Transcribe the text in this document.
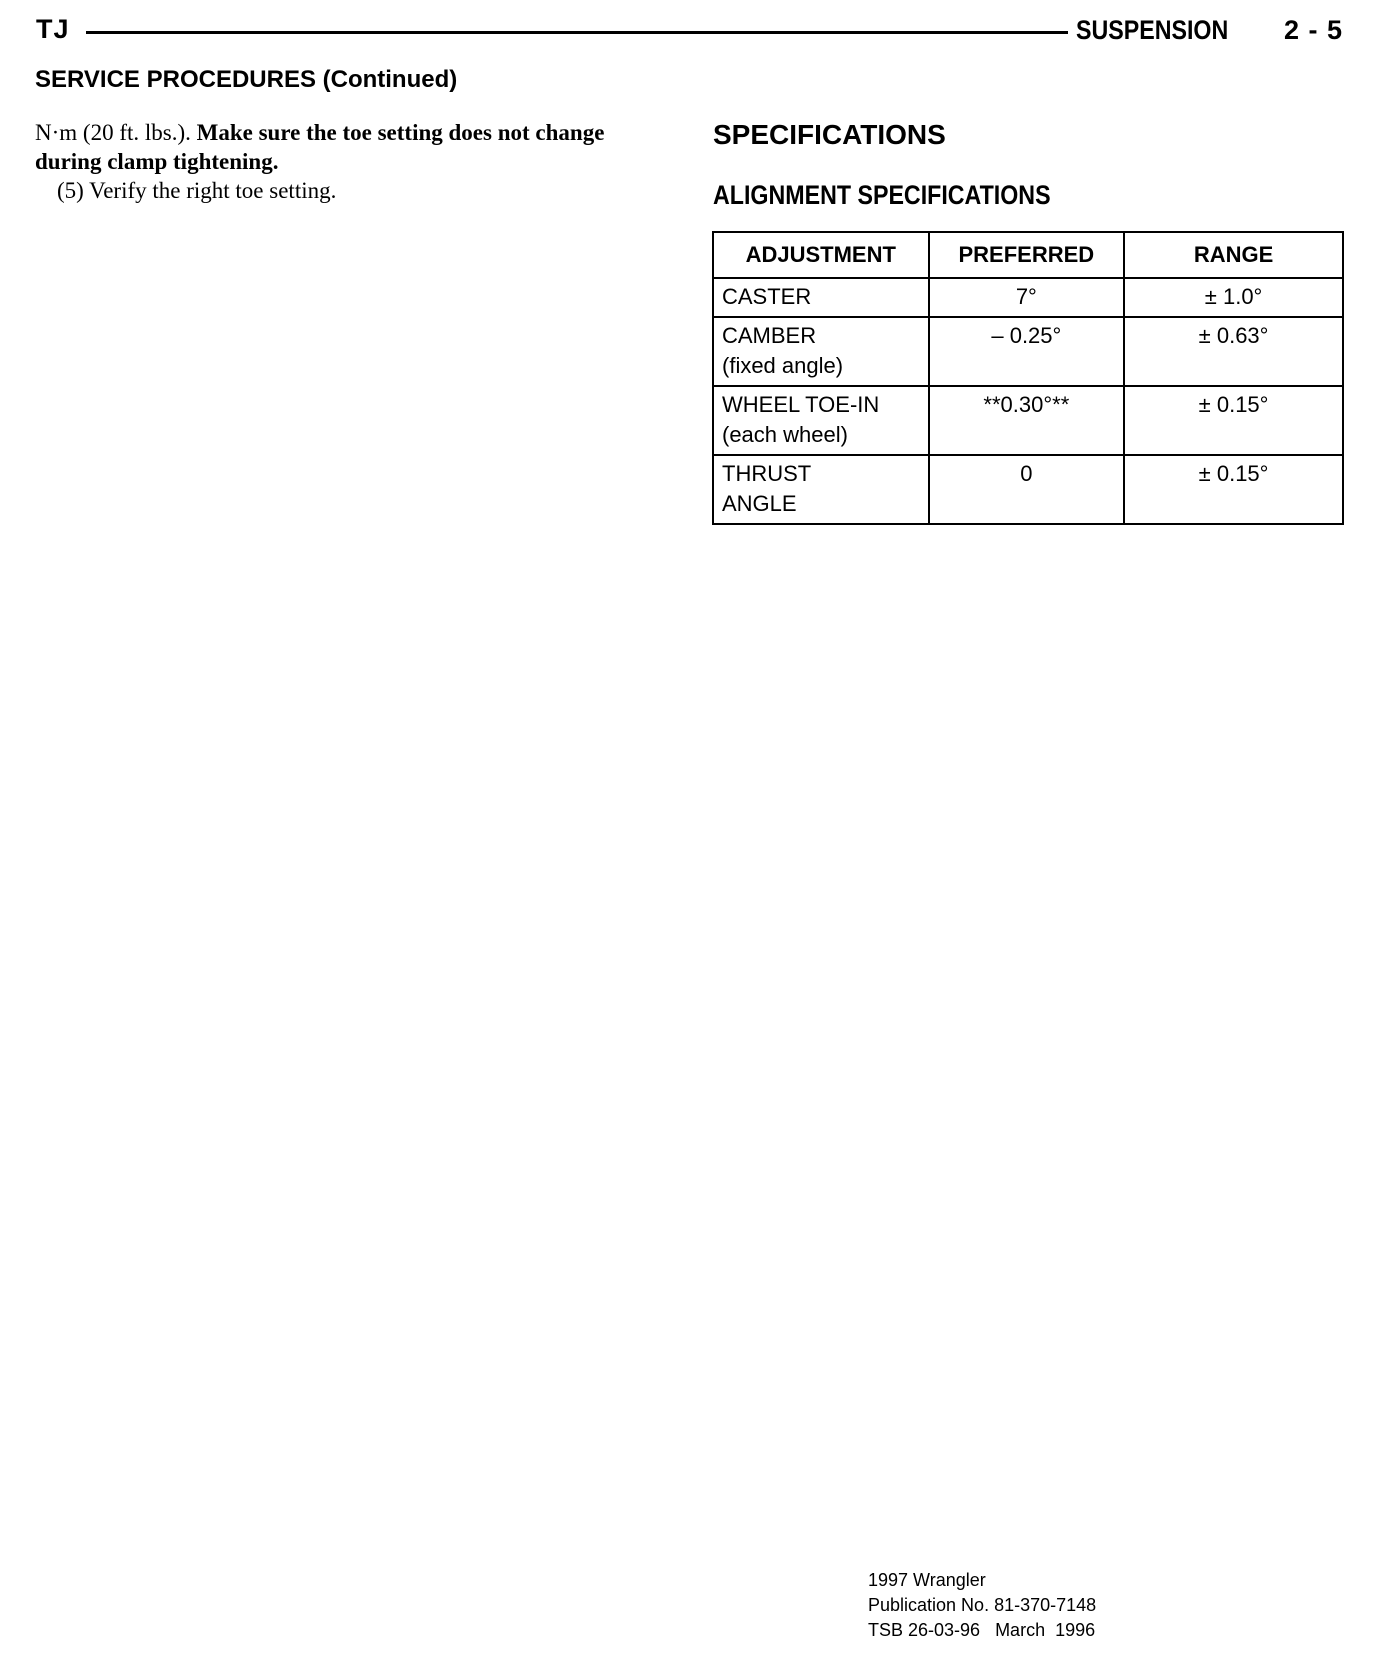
TJ	SUSPENSION 2 - 5
SERVICE PROCEDURES (Continued)

N·m (20 ft. lbs.). Make sure the toe setting does not change during clamp tightening.

(5) Verify the right toe setting.

SPECIFICATIONS
ALIGNMENT SPECIFICATIONS
ADJUSTMENT	PREFERRED	RANGE

CASTER	7°	± 1.0°

CAMBER
(fixed angle)	– 0.25°	± 0.63°

WHEEL TOE-IN
(each wheel)	**0.30°**	± 0.15°

THRUST
ANGLE	0	± 0.15°
1997 Wrangler
Publication No. 81-370-7148
TSB 26-03-96   March  1996
